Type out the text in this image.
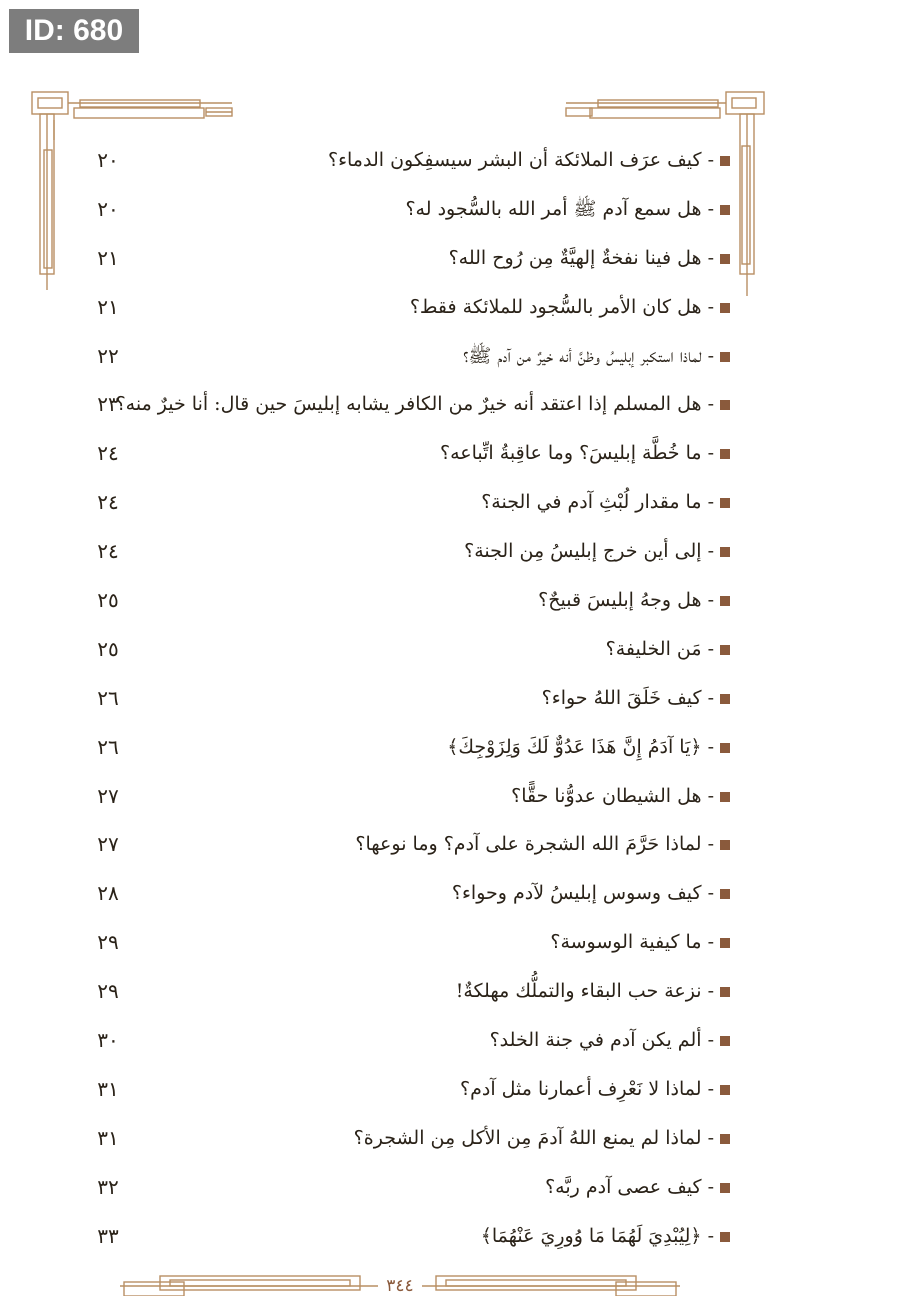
ID: 680
- كيف عرَف الملائكة أن البشر سيسفِكون الدماء؟
٢٠
- هل سمع آدم ﷺ أمر الله بالسُّجود له؟
٢٠
- هل فينا نفخةٌ إلهيَّةٌ مِن رُوح الله؟
٢١
- هل كان الأمر بالسُّجود للملائكة فقط؟
٢١
- لماذا استكبر إبليسُ وظنَّ أنه خيرٌ من آدم ﷺ؟
٢٢
- هل المسلم إذا اعتقد أنه خيرٌ من الكافر يشابه إبليسَ حين قال: أنا خيرٌ منه؟
٢٣
- ما خُطَّة إبليسَ؟ وما عاقِبةُ اتِّباعه؟
٢٤
- ما مقدار لُبْثِ آدم في الجنة؟
٢٤
- إلى أين خرج إبليسُ مِن الجنة؟
٢٤
- هل وجهُ إبليسَ قبيحٌ؟
٢٥
- مَن الخليفة؟
٢٥
- كيف خَلَقَ اللهُ حواء؟
٢٦
- ﴿يَا آدَمُ إِنَّ هَذَا عَدُوٌّ لَكَ وَلِزَوْجِكَ﴾
٢٦
- هل الشيطان عدوُّنا حقًّا؟
٢٧
- لماذا حَرَّمَ الله الشجرة على آدم؟ وما نوعها؟
٢٧
- كيف وسوس إبليسُ لآدم وحواء؟
٢٨
- ما كيفية الوسوسة؟
٢٩
- نزعة حب البقاء والتملُّك مهلكةٌ!
٢٩
- ألم يكن آدم في جنة الخلد؟
٣٠
- لماذا لا نَعْرِف أعمارنا مثل آدم؟
٣١
- لماذا لم يمنع اللهُ آدمَ مِن الأكل مِن الشجرة؟
٣١
- كيف عصى آدم ربَّه؟
٣٢
- ﴿لِيُبْدِيَ لَهُمَا مَا وُورِيَ عَنْهُمَا﴾
٣٣
٣٤٤
